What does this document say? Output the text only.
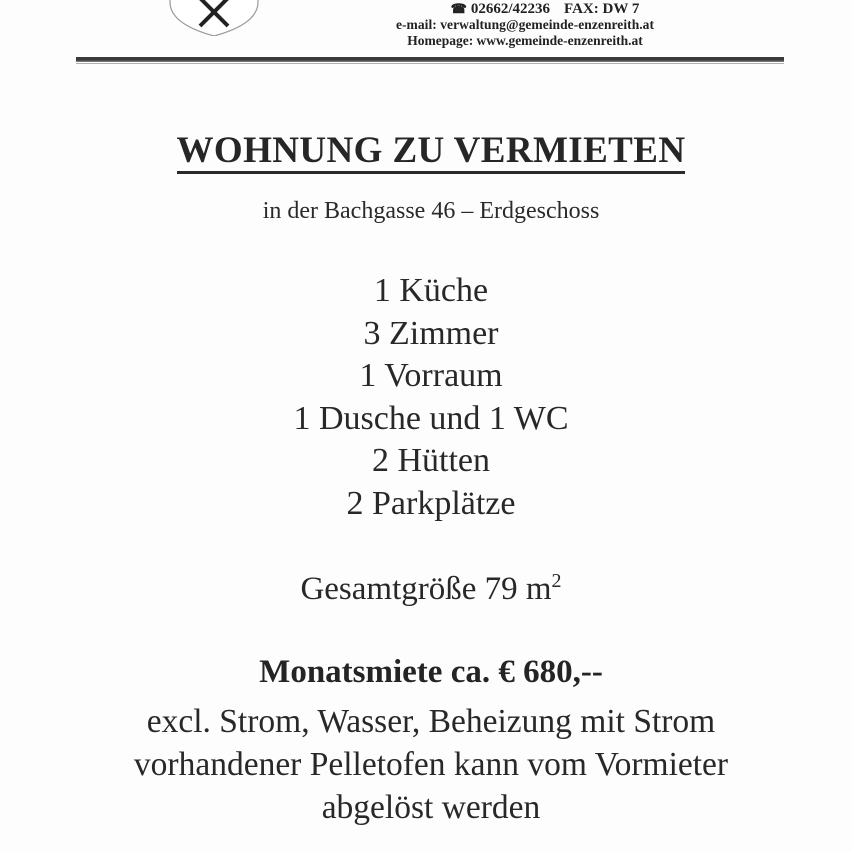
☎ 02662/42236 FAX: DW 7
e-mail: verwaltung@gemeinde-enzenreith.at
Homepage: www.gemeinde-enzenreith.at
WOHNUNG ZU VERMIETEN
in der Bachgasse 46 – Erdgeschoss
1 Küche
3 Zimmer
1 Vorraum
1 Dusche und 1 WC
2 Hütten
2 Parkplätze
Gesamtgröße 79 $m^2$
Monatsmiete ca. € 680,--
excl. Strom, Wasser, Beheizung mit Strom
vorhandener Pelletofen kann vom Vormieter
abgelöst werden
